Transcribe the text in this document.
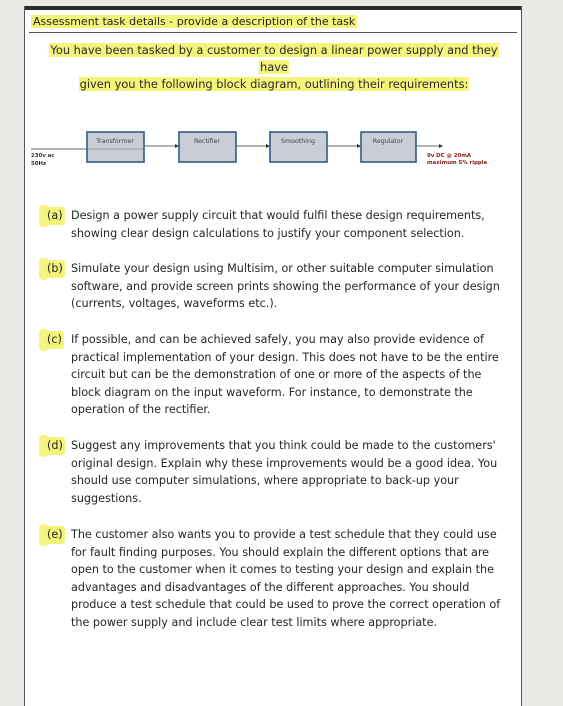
Assessment task details - provide a description of the task
You have been tasked by a customer to design a linear power supply and they have
given you the following block diagram, outlining their requirements:
230v ac
50Hz
Transformer	Rectifier	Smoothing	Regulator
9v DC @ 20mA
maximum 5% ripple
(a) Design a power supply circuit that would fulfil these design requirements, showing clear design calculations to justify your component selection.
(b) Simulate your design using Multisim, or other suitable computer simulation software, and provide screen prints showing the performance of your design (currents, voltages, waveforms etc.).
(c) If possible, and can be achieved safely, you may also provide evidence of practical implementation of your design. This does not have to be the entire circuit but can be the demonstration of one or more of the aspects of the block diagram on the input waveform. For instance, to demonstrate the operation of the rectifier.
(d) Suggest any improvements that you think could be made to the customers' original design. Explain why these improvements would be a good idea. You should use computer simulations, where appropriate to back-up your suggestions.
(e) The customer also wants you to provide a test schedule that they could use for fault finding purposes. You should explain the different options that are open to the customer when it comes to testing your design and explain the advantages and disadvantages of the different approaches. You should produce a test schedule that could be used to prove the correct operation of the power supply and include clear test limits where appropriate.
